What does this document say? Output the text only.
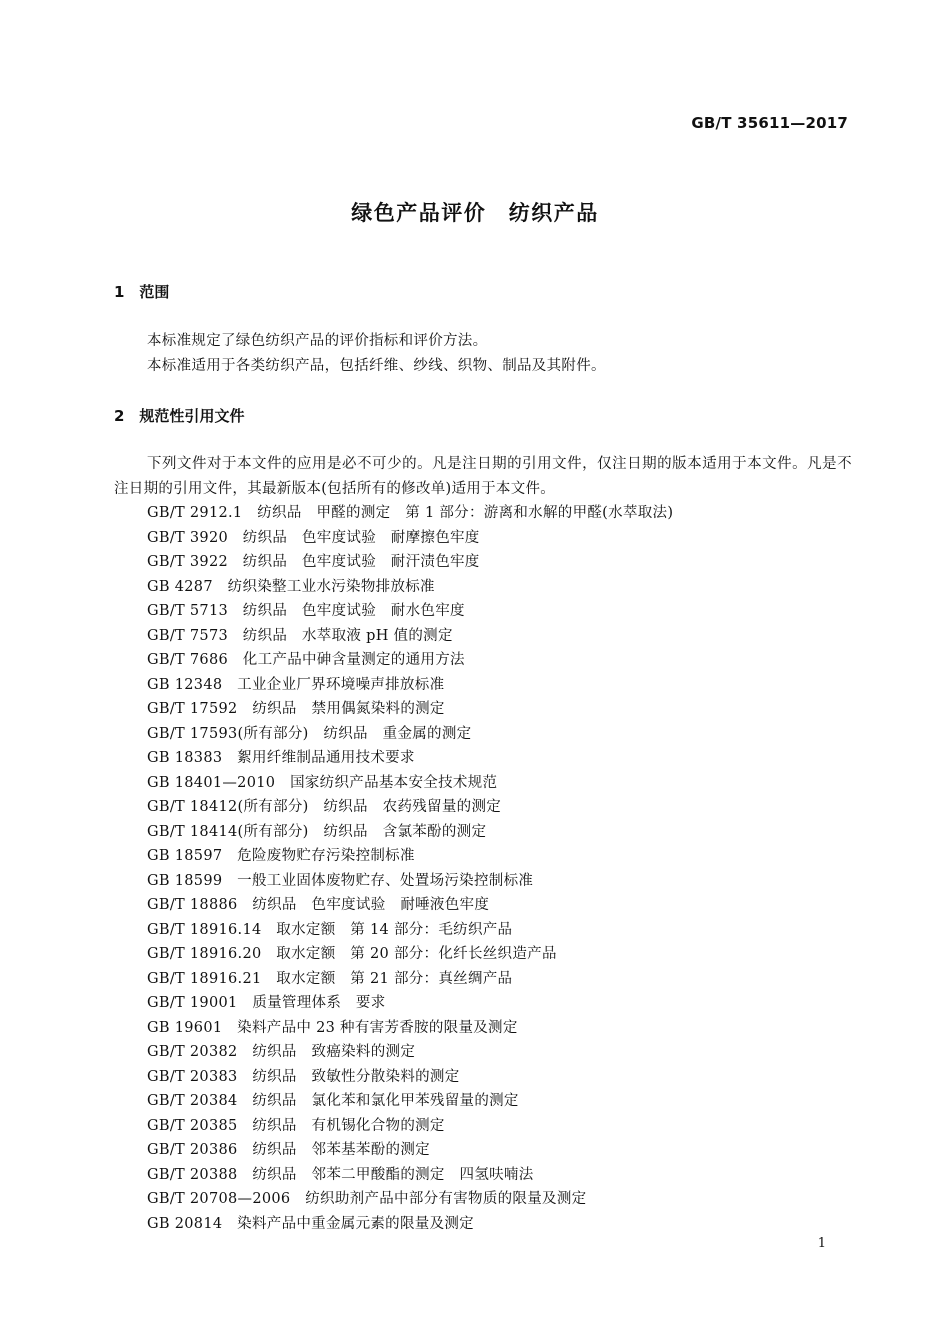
GB/T 35611—2017
绿色产品评价　纺织产品
1　范围
本标准规定了绿色纺织产品的评价指标和评价方法。
本标准适用于各类纺织产品，包括纤维、纱线、织物、制品及其附件。
2　规范性引用文件
下列文件对于本文件的应用是必不可少的。凡是注日期的引用文件，仅注日期的版本适用于本文件。凡是不注日期的引用文件，其最新版本(包括所有的修改单)适用于本文件。
GB/T 2912.1　纺织品　甲醛的测定　第 1 部分：游离和水解的甲醛(水萃取法)
GB/T 3920　纺织品　色牢度试验　耐摩擦色牢度
GB/T 3922　纺织品　色牢度试验　耐汗渍色牢度
GB 4287　纺织染整工业水污染物排放标准
GB/T 5713　纺织品　色牢度试验　耐水色牢度
GB/T 7573　纺织品　水萃取液 pH 值的测定
GB/T 7686　化工产品中砷含量测定的通用方法
GB 12348　工业企业厂界环境噪声排放标准
GB/T 17592　纺织品　禁用偶氮染料的测定
GB/T 17593(所有部分)　纺织品　重金属的测定
GB 18383　絮用纤维制品通用技术要求
GB 18401—2010　国家纺织产品基本安全技术规范
GB/T 18412(所有部分)　纺织品　农药残留量的测定
GB/T 18414(所有部分)　纺织品　含氯苯酚的测定
GB 18597　危险废物贮存污染控制标准
GB 18599　一般工业固体废物贮存、处置场污染控制标准
GB/T 18886　纺织品　色牢度试验　耐唾液色牢度
GB/T 18916.14　取水定额　第 14 部分：毛纺织产品
GB/T 18916.20　取水定额　第 20 部分：化纤长丝织造产品
GB/T 18916.21　取水定额　第 21 部分：真丝绸产品
GB/T 19001　质量管理体系　要求
GB 19601　染料产品中 23 种有害芳香胺的限量及测定
GB/T 20382　纺织品　致癌染料的测定
GB/T 20383　纺织品　致敏性分散染料的测定
GB/T 20384　纺织品　氯化苯和氯化甲苯残留量的测定
GB/T 20385　纺织品　有机锡化合物的测定
GB/T 20386　纺织品　邻苯基苯酚的测定
GB/T 20388　纺织品　邻苯二甲酸酯的测定　四氢呋喃法
GB/T 20708—2006　纺织助剂产品中部分有害物质的限量及测定
GB 20814　染料产品中重金属元素的限量及测定
1
